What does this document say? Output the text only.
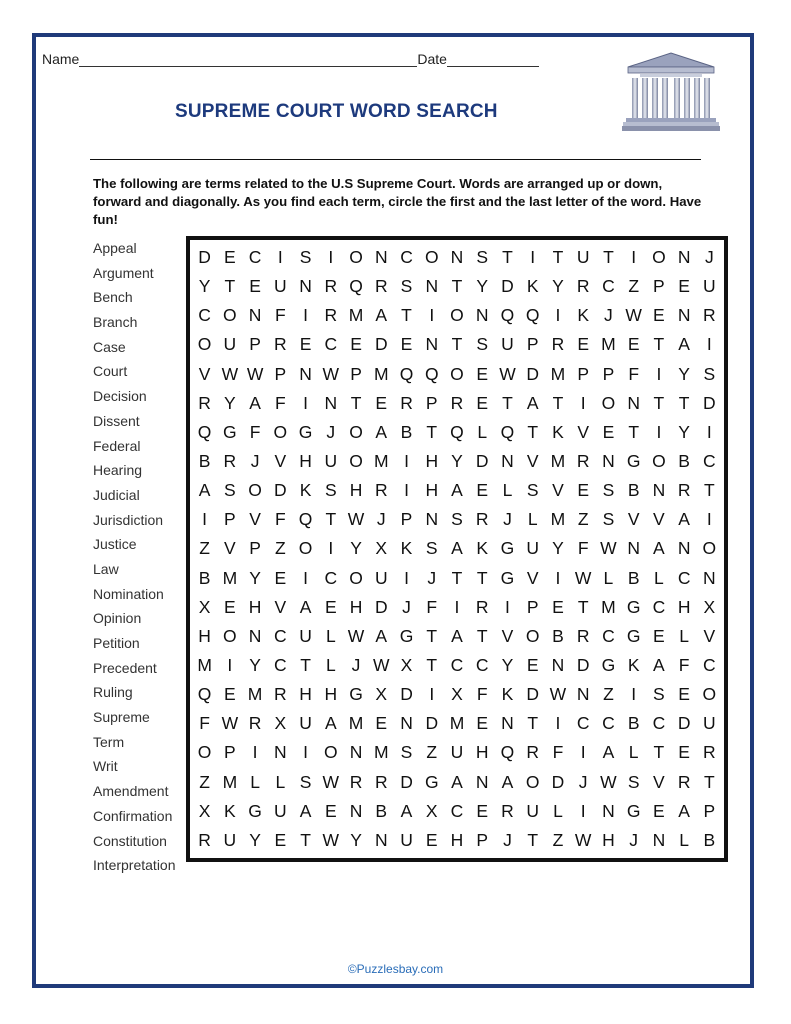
Name	Date
SUPREME COURT WORD SEARCH
The following are terms related to the U.S Supreme Court. Words are arranged up or down, forward and diagonally. As you find each term, circle the first and the last letter of the word. Have fun!
Appeal
Argument
Bench
Branch
Case
Court
Decision
Dissent
Federal
Hearing
Judicial
Jurisdiction
Justice
Law
Nomination
Opinion
Petition
Precedent
Ruling
Supreme
Term
Writ
Amendment
Confirmation
Constitution
Interpretation
D E C I S I O N C O N S T I T U T I O N J
Y T E U N R Q R S N T Y D K Y R C Z P E U
C O N F I R M A T I O N Q Q I K J W E N R
O U P R E C E D E N T S U P R E M E T A I
V W W P N W P M Q Q O E W D M P P F I Y S
R Y A F I N T E R P R E T A T I O N T T D
Q G F O G J O A B T Q L Q T K V E T I Y I
B R J V H U O M I H Y D N V M R N G O B C
A S O D K S H R I H A E L S V E S B N R T
I P V F Q T W J P N S R J L M Z S V V A I
Z V P Z O I Y X K S A K G U Y F W N A N O
B M Y E I C O U I	J T T G V I W L B L C N
X E H V A E H D J F I R I P E T M G C H X
H O N C U L W A G T A T V O B R C G E L V
M I Y C T L J W X T C C Y E N D G K A F C
Q E M R H H G X D I X F K D W N Z I S E O
F W R X U A M E N D M E N T I C C B C D U
O P I N I O N M S Z U H Q R F I A L T E R
Z M L L S W R R D G A N A O D J W S V R T
X K G U A E N B A X C E R U L	I N G E A P
R U Y E T W Y N U E H P J T Z W H J N L B
©Puzzlesbay.com
